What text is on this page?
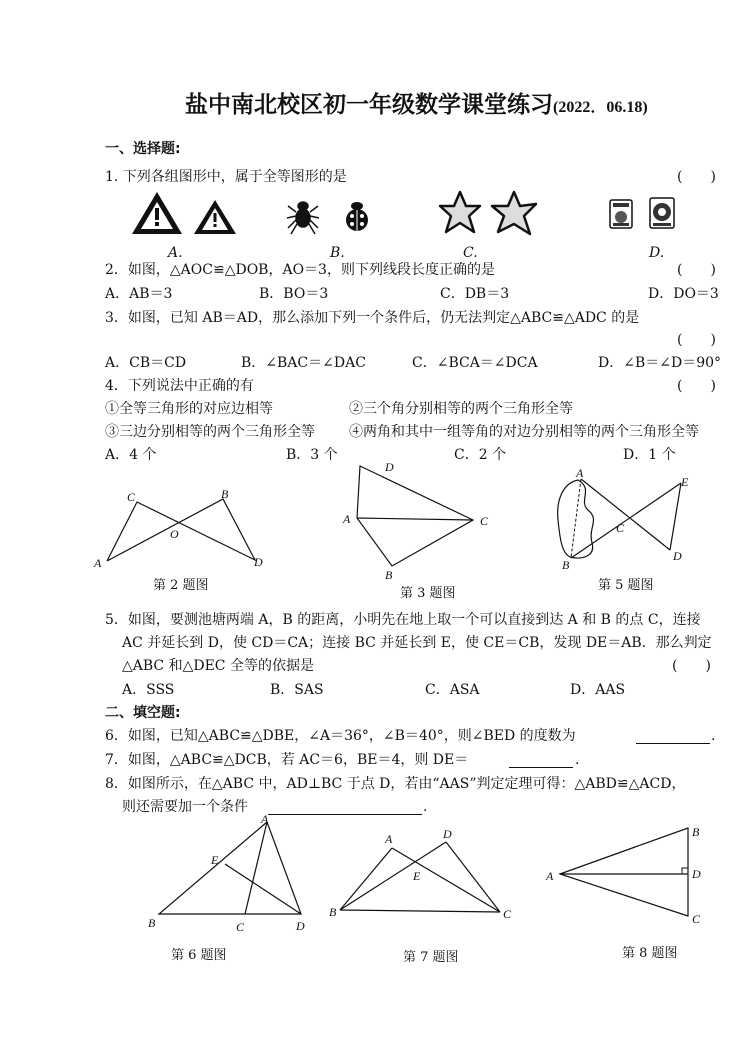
盐中南北校区初一年级数学课堂练习(2022．06.18)
一、选择题:
1. 下列各组图形中，属于全等图形的是	(　　)
A.	B.	C.	D.
2．如图，△AOC≌△DOB，AO＝3，则下列线段长度正确的是	(　　)
A．AB＝3	B．BO＝3	C．DB＝3	D．DO＝3
3．如图，已知 AB＝AD，那么添加下列一个条件后，仍无法判定△ABC≌△ADC 的是
(　　)
A．CB＝CD	B．∠BAC＝∠DAC	C．∠BCA＝∠DCA	D．∠B＝∠D＝90°
4．下列说法中正确的有	(　　)
①全等三角形的对应边相等	②三个角分别相等的两个三角形全等
③三边分别相等的两个三角形全等 ④两角和其中一组等角的对边分别相等的两个三角形全等
A．4 个	B．3 个	C．2 个	D．1 个
C	B
O
A	D
第 2 题图
D
A	C
B
第 3 题图
A
E
C
B
D
第 5 题图
5．如图，要测池塘两端 A，B 的距离，小明先在地上取一个可以直接到达 A 和 B 的点 C，连接
AC 并延长到 D，使 CD＝CA；连接 BC 并延长到 E，使 CE＝CB，发现 DE＝AB．那么判定
△ABC 和△DEC 全等的依据是	(　　)
A．SSS	B．SAS	C．ASA	D．AAS
二、填空题:
6．如图，已知△ABC≌△DBE，∠A＝36°，∠B＝40°，则∠BED 的度数为	.
7．如图，△ABC≌△DCB，若 AC＝6，BE＝4，则 DE＝	.
8．如图所示，在△ABC 中，AD⊥BC 于点 D，若由“AAS”判定定理可得：△ABD≌△ACD，
则还需要加一个条件	.
A
E
B	C	D
第 6 题图
A	D
E
B	C
第 7 题图
B
A	D
C
第 8 题图
